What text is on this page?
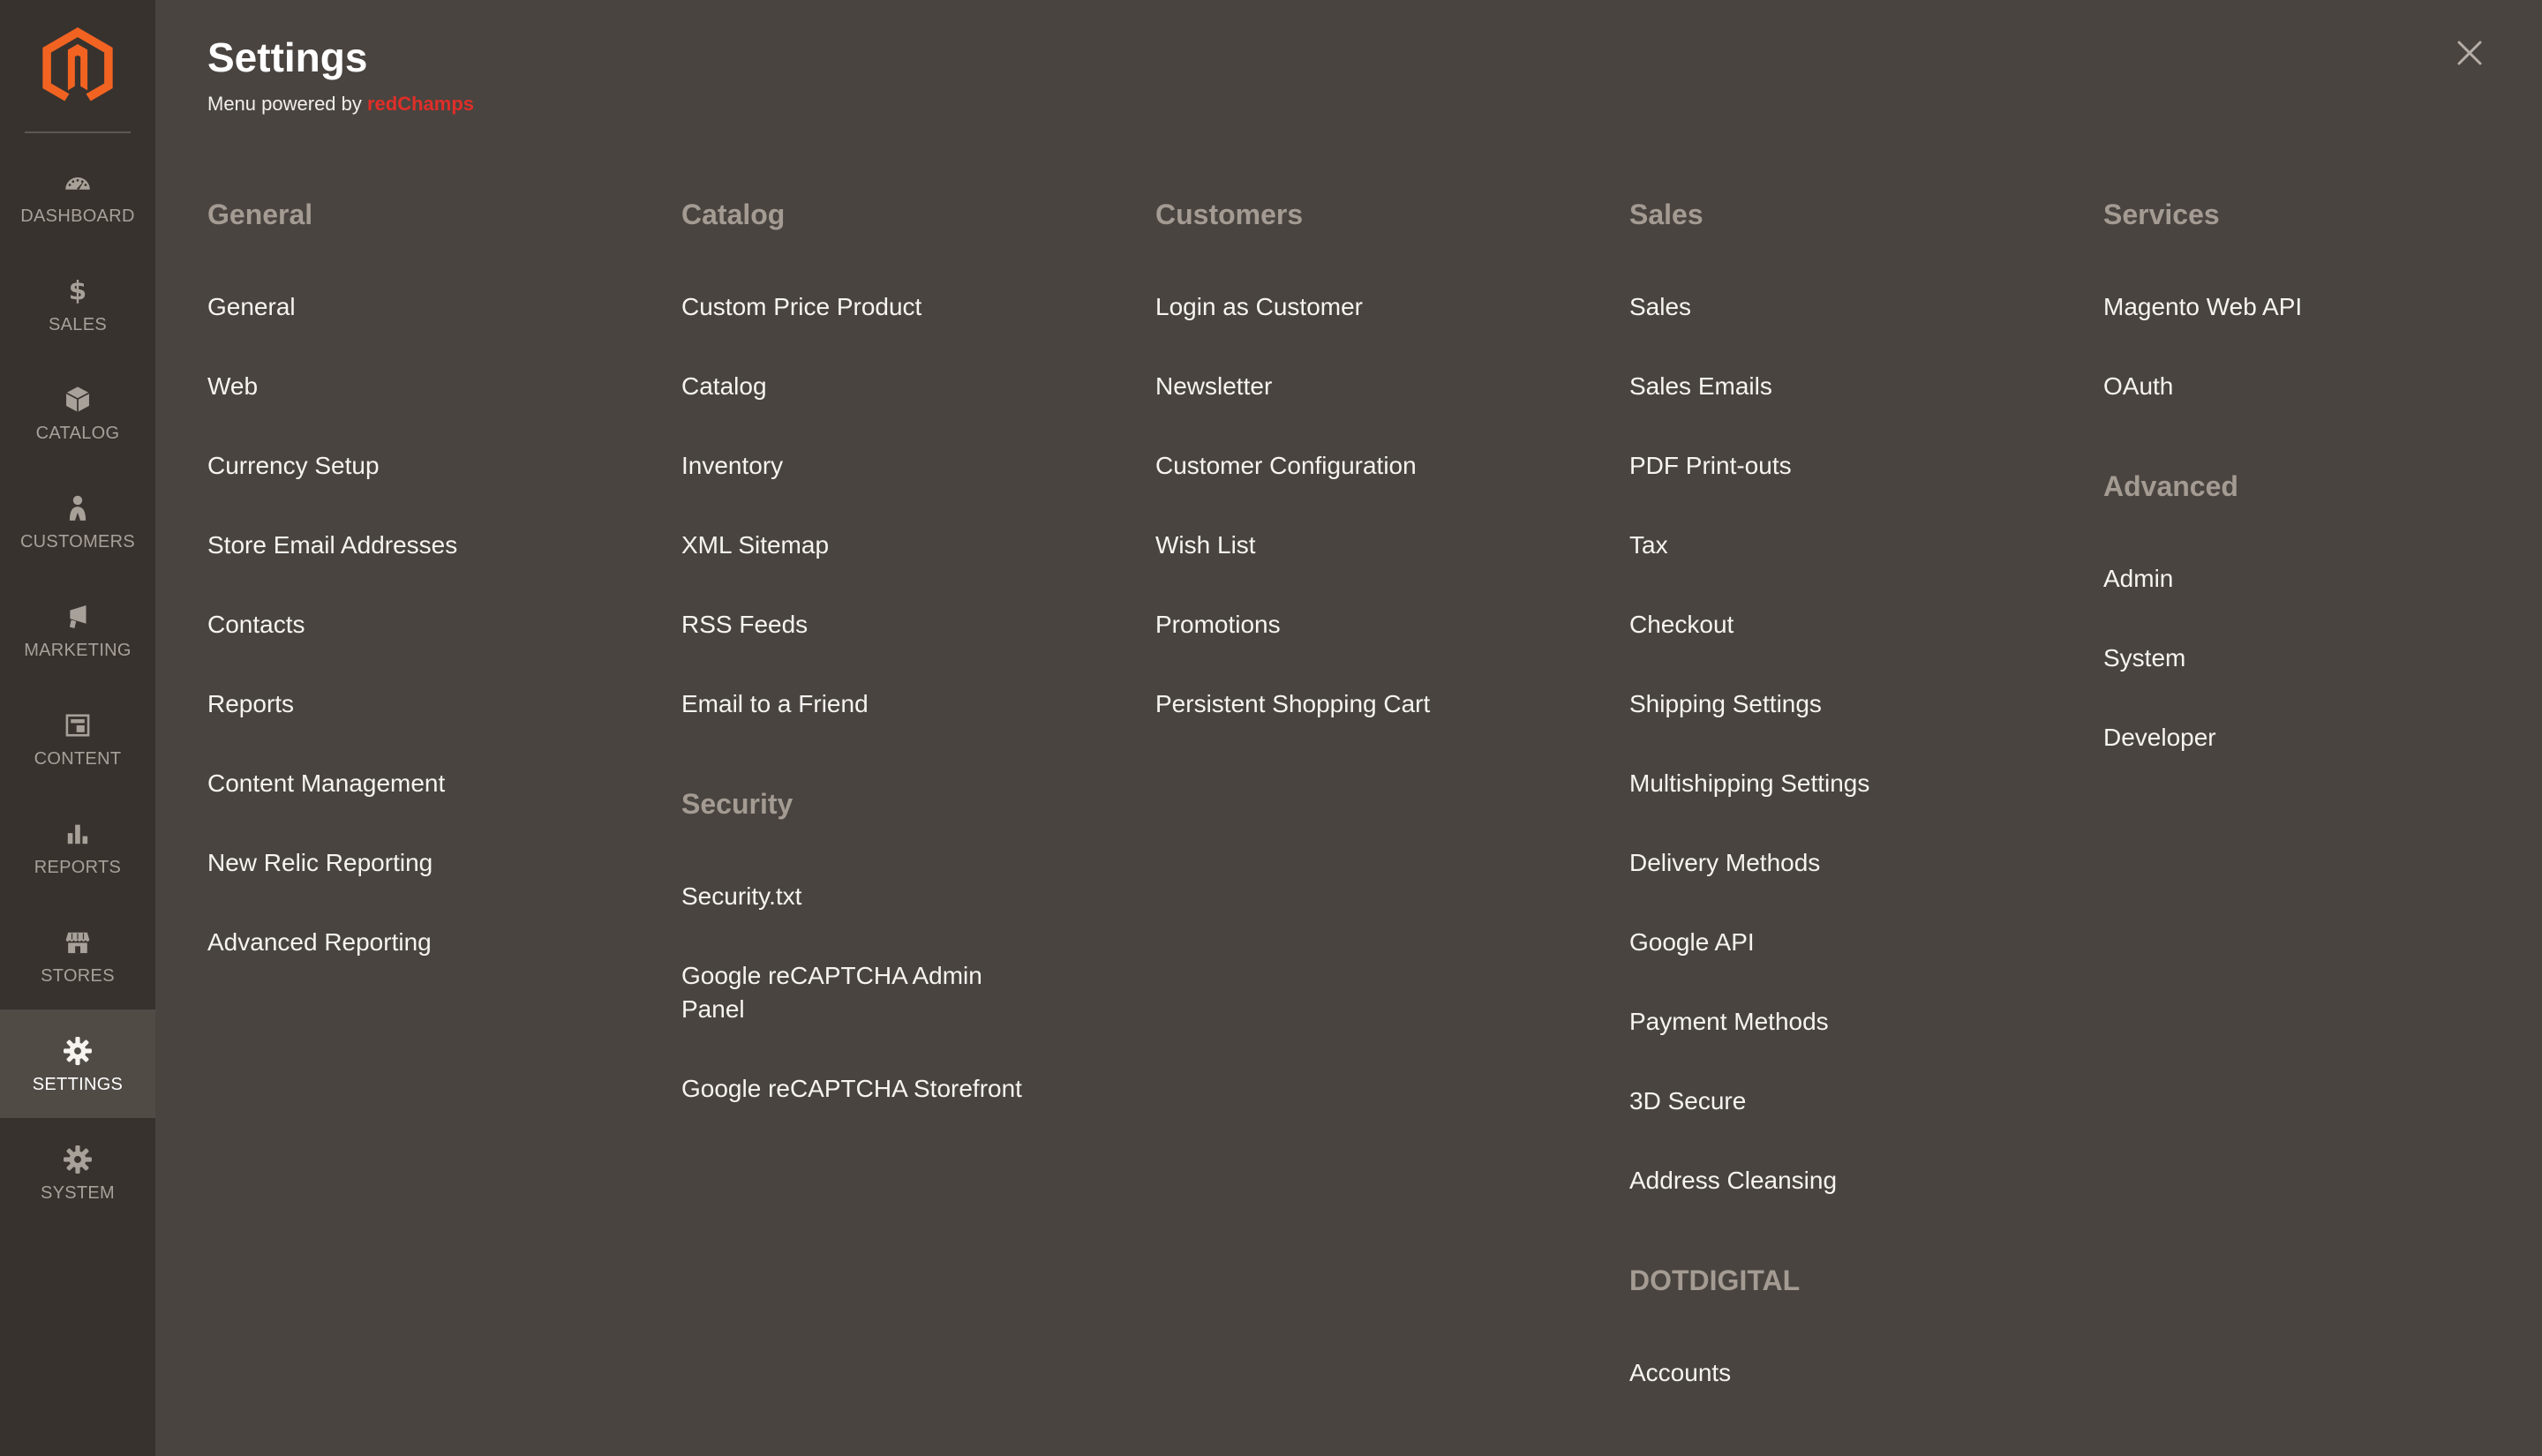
DASHBOARD
$
SALES
CATALOG
CUSTOMERS
MARKETING
CONTENT
REPORTS
STORES
SETTINGS
SYSTEM
Settings
Menu powered by redChamps
General
General
Web
Currency Setup
Store Email Addresses
Contacts
Reports
Content Management
New Relic Reporting
Advanced Reporting
Catalog
Custom Price Product
Catalog
Inventory
XML Sitemap
RSS Feeds
Email to a Friend
Security
Security.txt
Google reCAPTCHA Admin Panel
Google reCAPTCHA Storefront
Customers
Login as Customer
Newsletter
Customer Configuration
Wish List
Promotions
Persistent Shopping Cart
Sales
Sales
Sales Emails
PDF Print-outs
Tax
Checkout
Shipping Settings
Multishipping Settings
Delivery Methods
Google API
Payment Methods
3D Secure
Address Cleansing
DOTDIGITAL
Accounts
Services
Magento Web API
OAuth
Advanced
Admin
System
Developer
